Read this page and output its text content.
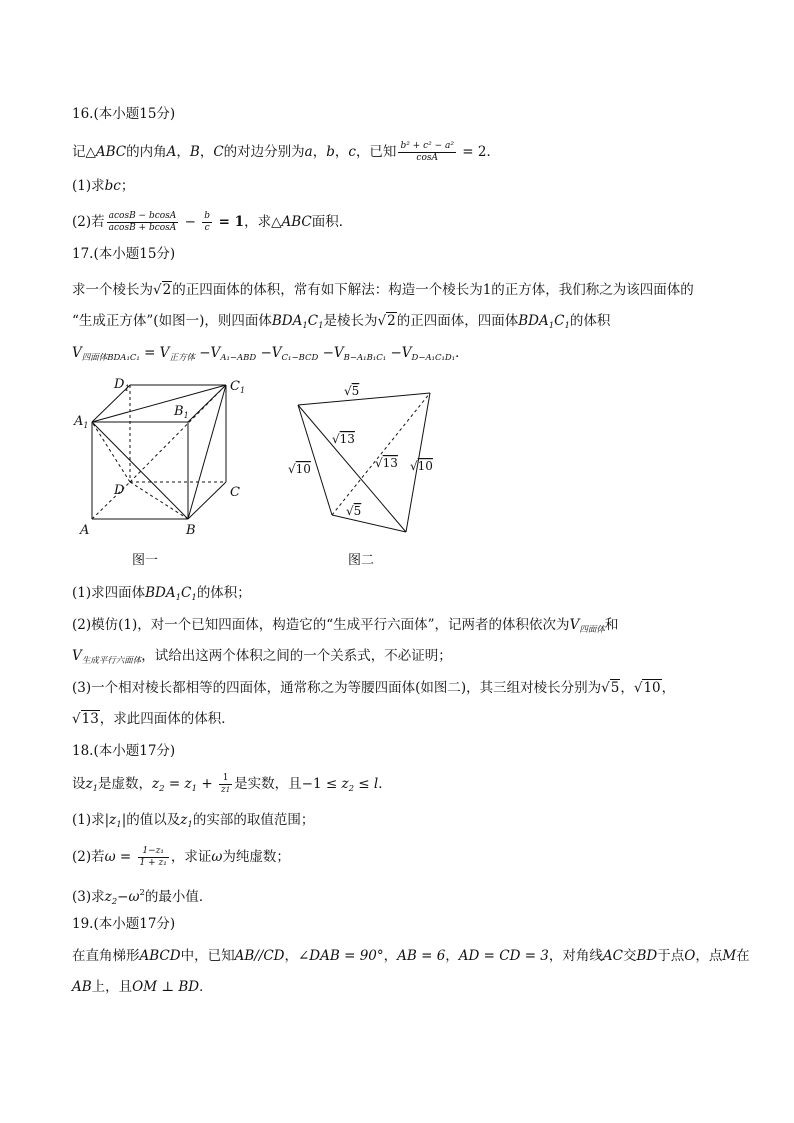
16.(本小题15分)
记△ABC的内角A，B，C的对边分别为a，b，c，已知 $\frac{\text{b² + c² − a²}}{\cos A} = 2$．
(1)求bc；
(2)若 $\frac{acosB - bcosA}{acosB + bcosA} - \frac{b}{c} = 1$，求△ABC面积．
17.(本小题15分)
求一个棱长为√2的正四面体的体积，常有如下解法：构造一个棱长为1的正方体，我们称之为该四面体的
“生成正方体”(如图一)，则四面体$BDA_1C_1$是棱长为√2的正四面体，四面体$BDA_1C_1$的体积
$V_{四面体BDA_1C_1} = V_{正方体} -V_{A_1-ABD} -V_{C_1-BCD} -V_{B-A_1B_1C_1} -V_{D-A_1C_1D_1}$．
$D_1$	$C_1$
$A_1$
$B_1$
D	C
A	B
√5
√13
√13
√10	√10
√5
图一	图二
(1)求四面体$BDA_1C_1$的体积；
(2)模仿(1)，对一个已知四面体，构造它的“生成平行六面体”，记两者的体积依次为$V_{四面体}$和
$V_{生成平行六面体}$，试给出这两个体积之间的一个关系式，不必证明；
(3)一个相对棱长都相等的四面体，通常称之为等腰四面体(如图二)，其三组对棱长分别为√5，√10，
√13，求此四面体的体积．
18.(本小题17分)
设$z_1$是虚数，$z_2 = z_1 + \frac{1}{z1}$ 是实数，且$-1 \le z_2 \le l$．
(1)求$|z_1|$的值以及$z_1$的实部的取值范围；
(2)若$\omega = \frac{\text{1−z₁}}{\text{1 + z₁}}$ ，求证ω为纯虚数；
(3)求$z_2-\omega^2$的最小值．
19.(本小题17分)
在直角梯形ABCD中，已知AB//CD，∠DAB = 90°，AB = 6，AD = CD = 3，对角线AC交BD于点O，点M在
AB上，且OM ⊥ BD．
